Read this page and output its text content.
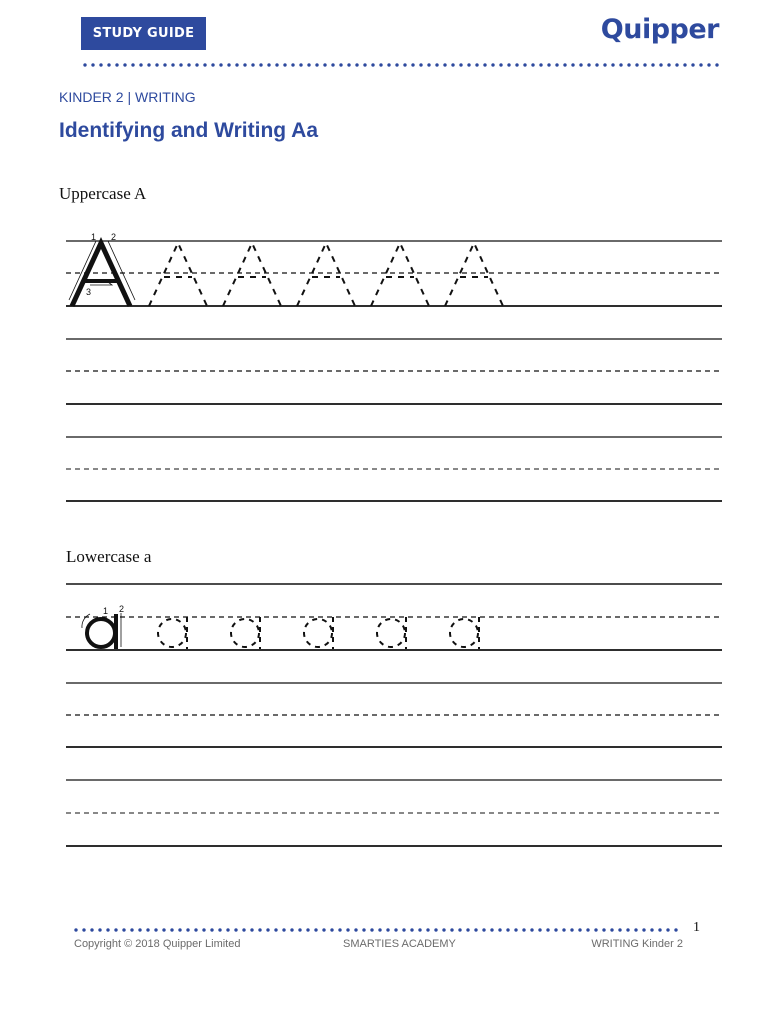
STUDY GUIDE	Quipper
KINDER 2 | WRITING
Identifying and Writing Aa
Uppercase A
Lowercase a
1 2
3
1 2
1
Copyright © 2018 Quipper Limited	SMARTIES ACADEMY	WRITING Kinder 2
